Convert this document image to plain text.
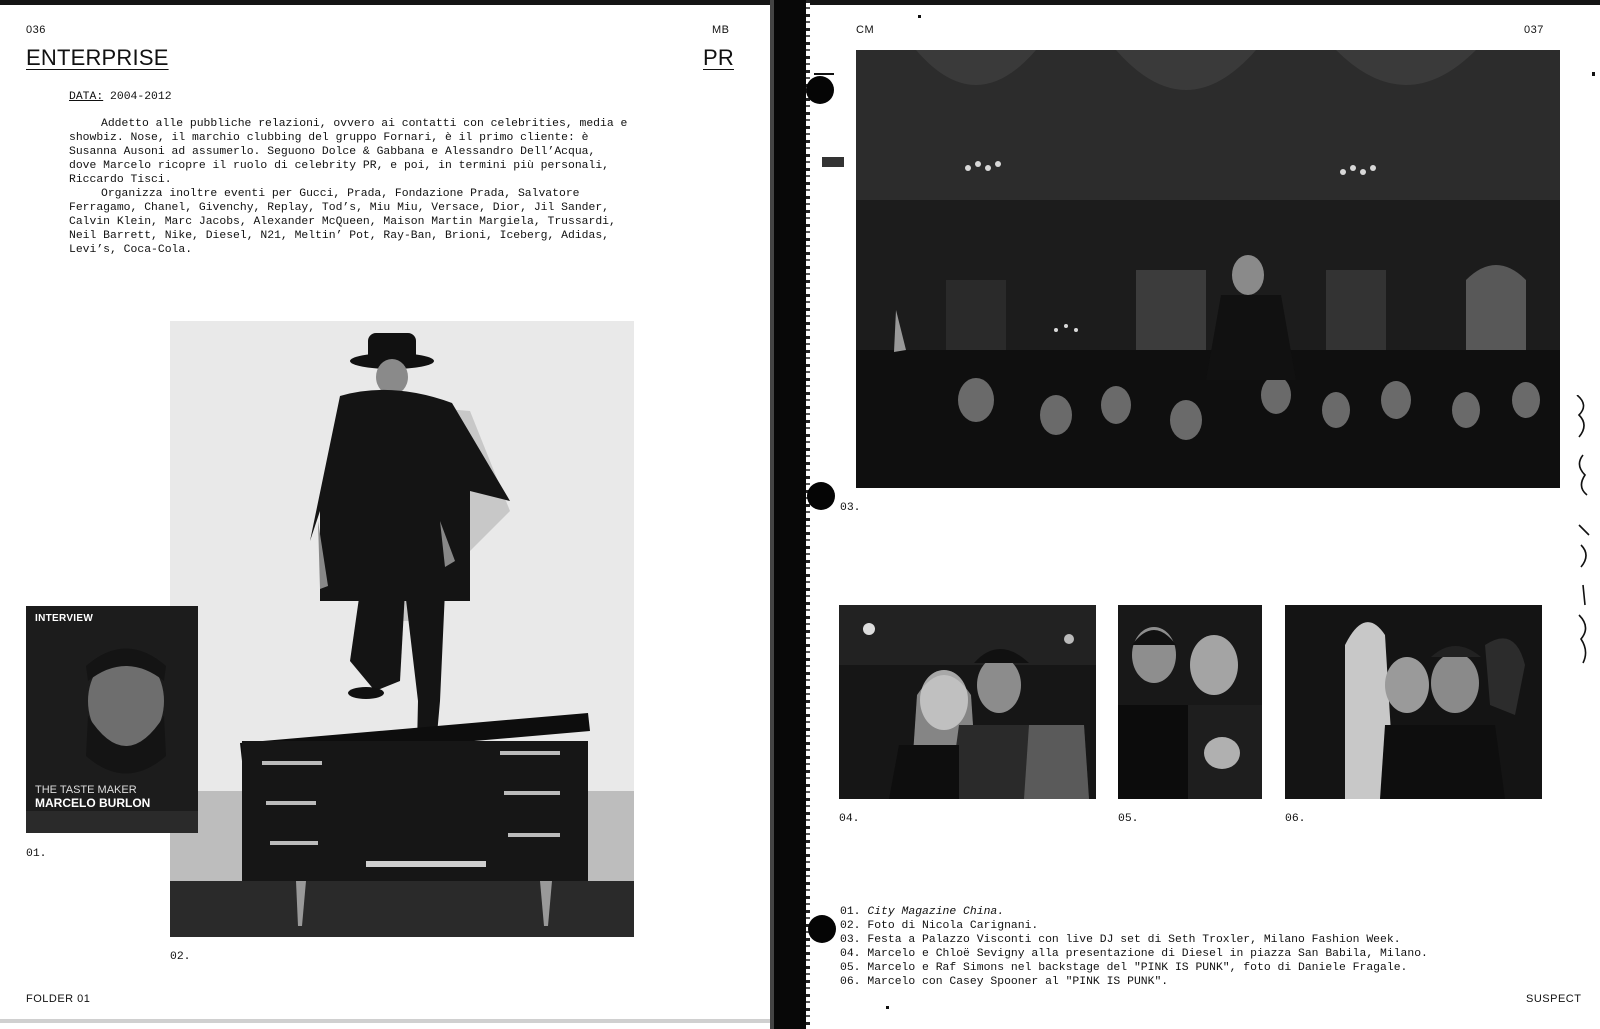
036	MB
ENTERPRISE	PR
DATA: 2004-2012

Addetto alle pubbliche relazioni, ovvero ai contatti con celebrities, media e showbiz. Nose, il marchio clubbing del gruppo Fornari, è il primo cliente: è Susanna Ausoni ad assumerlo. Seguono Dolce & Gabbana e Alessandro Dell’Acqua, dove Marcelo ricopre il ruolo di celebrity PR, e poi, in termini più personali, Riccardo Tisci.

Organizza inoltre eventi per Gucci, Prada, Fondazione Prada, Salvatore Ferragamo, Chanel, Givenchy, Replay, Tod’s, Miu Miu, Versace, Dior, Jil Sander, Calvin Klein, Marc Jacobs, Alexander McQueen, Maison Martin Margiela, Trussardi, Neil Barrett, Nike, Diesel, N21, Meltin’ Pot, Ray-Ban, Brioni, Iceberg, Adidas, Levi’s, Coca-Cola.

INTERVIEW
THE TASTE MAKER
MARCELO BURLON
01.
02.
FOLDER 01
CM	037
03.
04.	05.	06.
01. City Magazine China.
02. Foto di Nicola Carignani.
03. Festa a Palazzo Visconti con live DJ set di Seth Troxler, Milano Fashion Week.
04. Marcelo e Chloë Sevigny alla presentazione di Diesel in piazza San Babila, Milano.
05. Marcelo e Raf Simons nel backstage del "PINK IS PUNK", foto di Daniele Fragale.
06. Marcelo con Casey Spooner al "PINK IS PUNK".
SUSPECT
